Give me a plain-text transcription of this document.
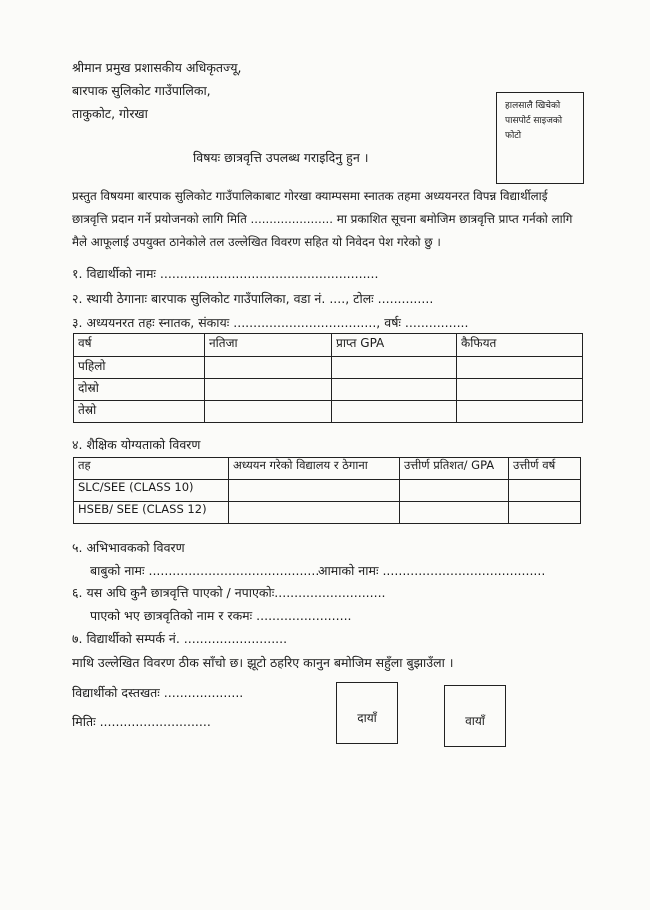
श्रीमान प्रमुख प्रशासकीय अधिकृतज्यू,
बारपाक सुलिकोट गाउँपालिका,
ताकुकोट, गोरखा	हालसालै खिचेको
पासपोर्ट साइजको
फोटो
विषयः छात्रवृत्ति उपलब्ध गराइदिनु हुन ।
प्रस्तुत विषयमा बारपाक सुलिकोट गाउँपालिकाबाट गोरखा क्याम्पसमा स्नातक तहमा अध्ययनरत विपन्न विद्यार्थीलाई
छात्रवृत्ति प्रदान गर्ने प्रयोजनको लागि मिति ...................... मा प्रकाशित सूचना बमोजिम छात्रवृत्ति प्राप्त गर्नको लागि
मैले आफूलाई उपयुक्त ठानेकोले तल उल्लेखित विवरण सहित यो निवेदन पेश गरेको छु ।
१. विद्यार्थीको नामः .......................................................
२. स्थायी ठेगानाः बारपाक सुलिकोट गाउँपालिका, वडा नं. ...., टोलः ..............
३. अध्ययनरत तहः स्नातक, संकायः ...................................., वर्षः ................
वर्ष	नतिजा	प्राप्त GPA	कैफियत
पहिलो			
दोस्रो			
तेस्रो			
४. शैक्षिक योग्यताको विवरण
तह	अध्ययन गरेको विद्यालय र ठेगाना	उत्तीर्ण प्रतिशत/ GPA	उत्तीर्ण वर्ष
SLC/SEE (CLASS 10)			
HSEB/ SEE (CLASS 12)			
५. अभिभावकको विवरण
बाबुको नामः ...........................................
आमाको नामः .........................................
६. यस अघि कुनै छात्रवृत्ति पाएको / नपाएकोः............................
पाएको भए छात्रवृतिको नाम र रकमः ........................
७. विद्यार्थीको सम्पर्क नं. ..........................
माथि उल्लेखित विवरण ठीक साँचो छ। झूटो ठहरिए कानुन बमोजिम सहुँला बुझाउँला ।
विद्यार्थीको दस्तखतः ....................
मितिः ............................	दायाँ	वायाँ
